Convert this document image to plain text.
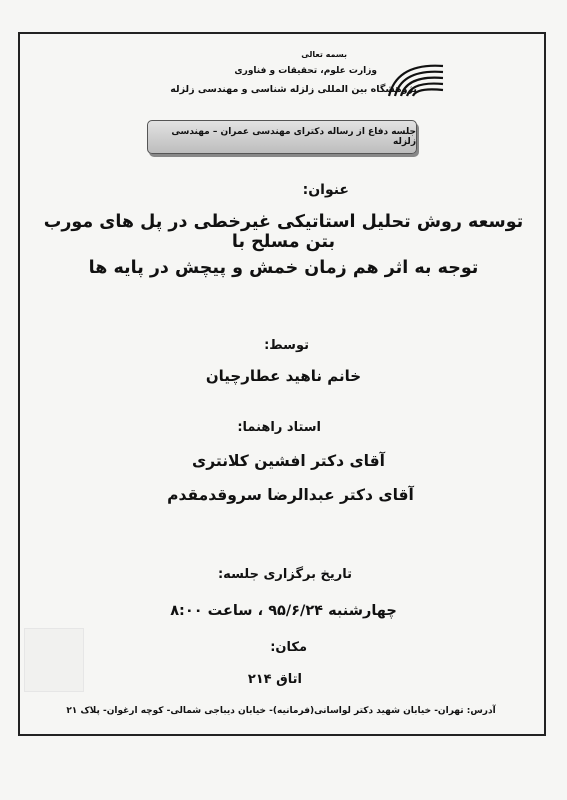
بسمه تعالی
وزارت علوم، تحقیقات و فناوری
پژوهشگاه بین المللی زلزله شناسی و مهندسی زلزله
جلسه دفاع از رساله دکترای مهندسی عمران – مهندسی زلزله
عنوان:
توسعه روش تحلیل استاتیکی غیرخطی در پل های مورب بتن مسلح با
توجه به اثر هم زمان خمش و پیچش در پایه ها
توسط:
خانم ناهید عطارچیان
استاد راهنما:
آقای دکتر افشین کلانتری
آقای دکتر عبدالرضا سروقدمقدم
تاریخ برگزاری جلسه:
چهارشنبه ۹۵/۶/۲۴ ، ساعت ۸:۰۰
مکان:
اتاق ۲۱۴
آدرس: تهران- خیابان شهید دکتر لواسانی(فرمانیه)- خیابان دیباجی شمالی- کوچه ارغوان- پلاک ۲۱
